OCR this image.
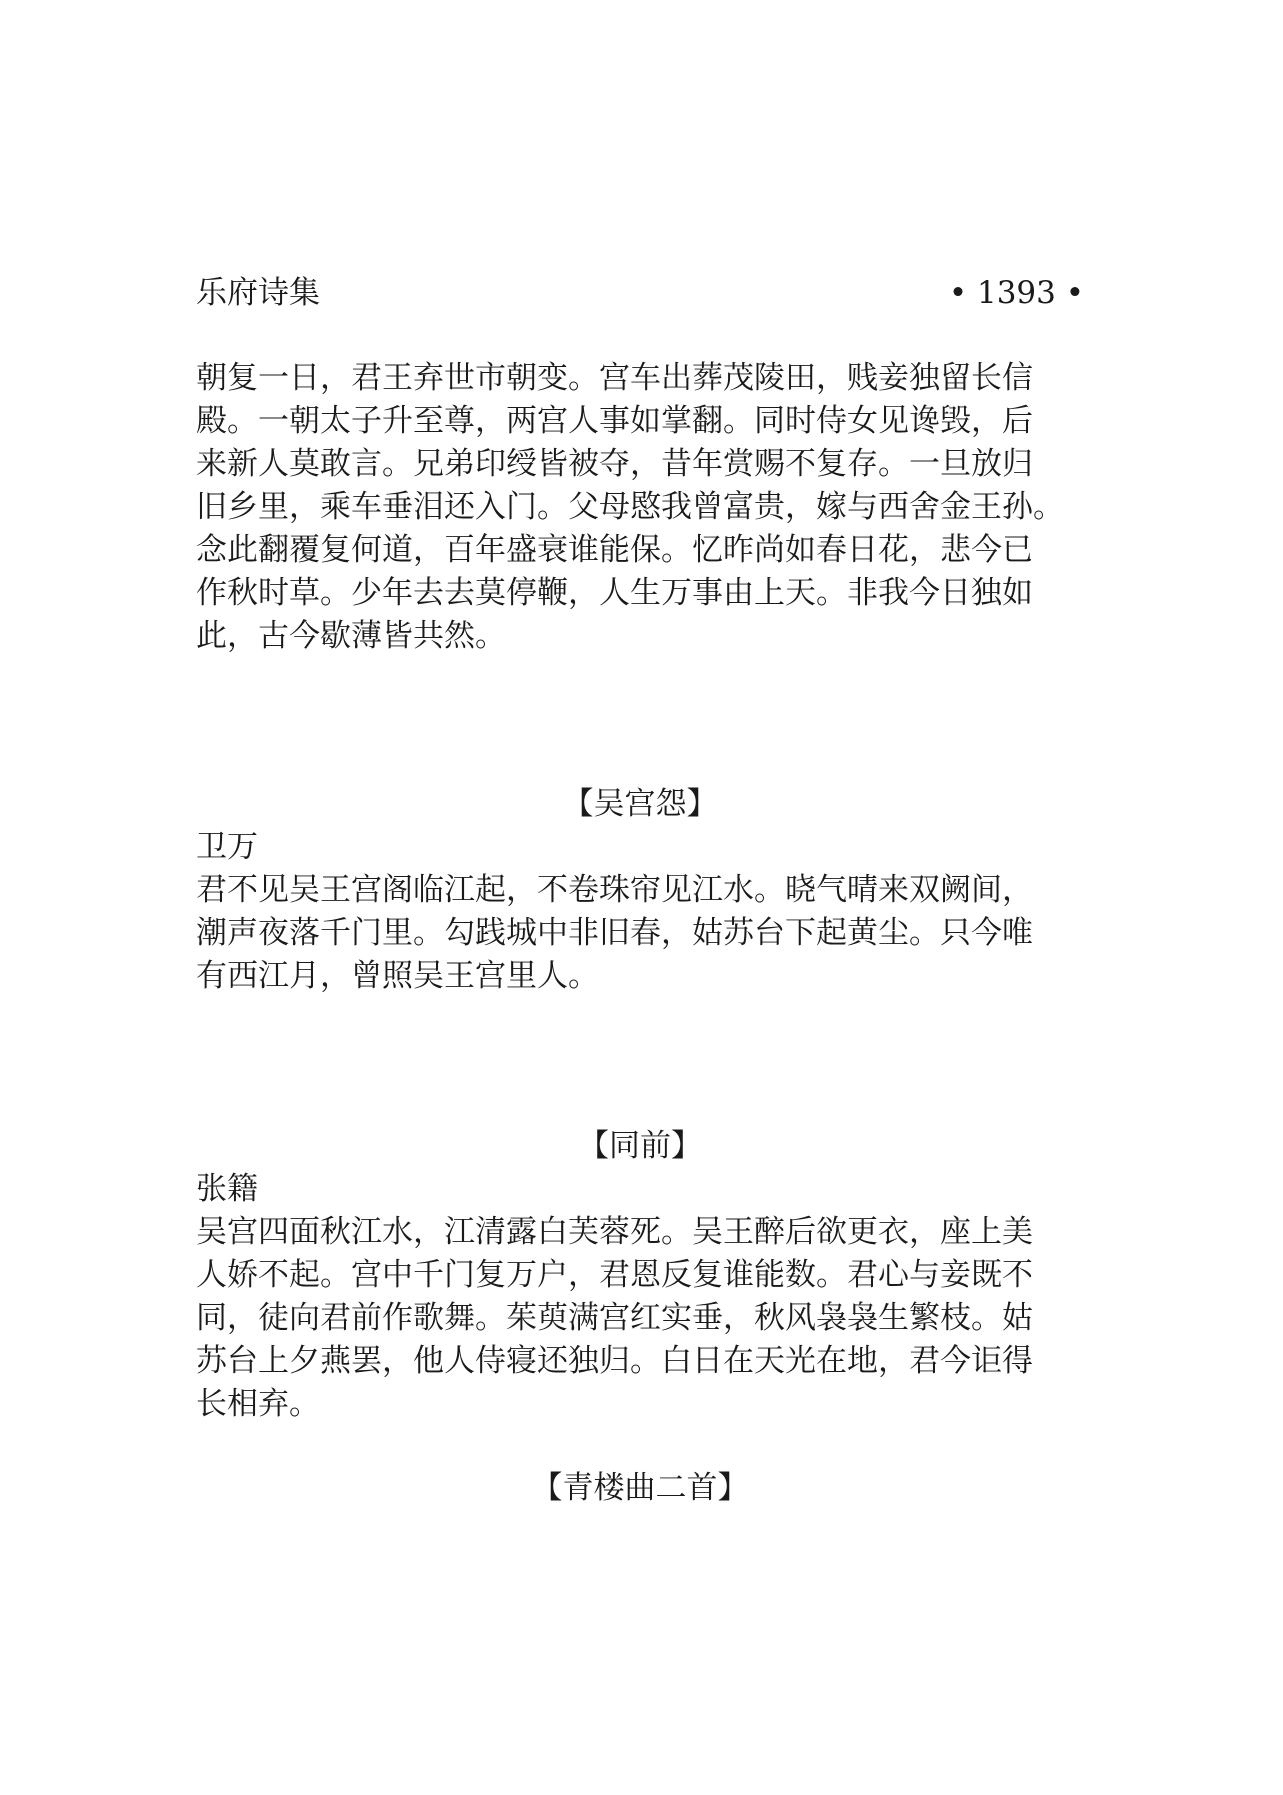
乐府诗集	• 1393 •
朝复一日，君王弃世市朝变。宫车出葬茂陵田，贱妾独留长信
殿。一朝太子升至尊，两宫人事如掌翻。同时侍女见谗毁，后
来新人莫敢言。兄弟印绶皆被夺，昔年赏赐不复存。一旦放归
旧乡里，乘车垂泪还入门。父母愍我曾富贵，嫁与西舍金王孙。
念此翻覆复何道，百年盛衰谁能保。忆昨尚如春日花，悲今已
作秋时草。少年去去莫停鞭，人生万事由上天。非我今日独如
此，古今歇薄皆共然。
【吴宫怨】
卫万
君不见吴王宫阁临江起，不卷珠帘见江水。晓气晴来双阙间，
潮声夜落千门里。勾践城中非旧春，姑苏台下起黄尘。只今唯
有西江月，曾照吴王宫里人。
【同前】
张籍
吴宫四面秋江水，江清露白芙蓉死。吴王醉后欲更衣，座上美
人娇不起。宫中千门复万户，君恩反复谁能数。君心与妾既不
同，徒向君前作歌舞。茱萸满宫红实垂，秋风袅袅生繁枝。姑
苏台上夕燕罢，他人侍寝还独归。白日在天光在地，君今讵得
长相弃。
【青楼曲二首】
